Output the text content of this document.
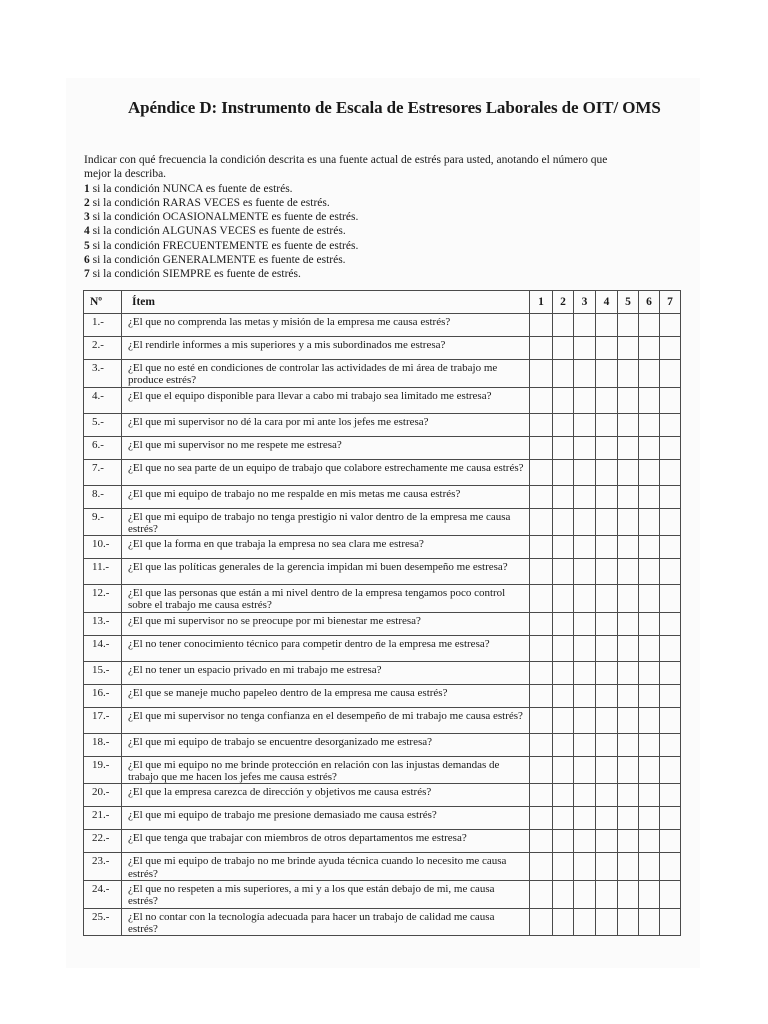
Apéndice D: Instrumento de Escala de Estresores Laborales de OIT/ OMS
Indicar con qué frecuencia la condición descrita es una fuente actual de estrés para usted, anotando el número que
mejor la describa.
1 si la condición NUNCA es fuente de estrés.
2 si la condición RARAS VECES es fuente de estrés.
3 si la condición OCASIONALMENTE es fuente de estrés.
4 si la condición ALGUNAS VECES es fuente de estrés.
5 si la condición FRECUENTEMENTE es fuente de estrés.
6 si la condición GENERALMENTE es fuente de estrés.
7 si la condición SIEMPRE es fuente de estrés.
Nº	Ítem	1	2	3	4	5	6	7
1.-	¿El que no comprenda las metas y misión de la empresa me causa estrés?							
2.-	¿El rendirle informes a mis superiores y a mis subordinados me estresa?							
3.-	¿El que no esté en condiciones de controlar las actividades de mi área de trabajo me produce estrés?							
4.-	¿El que el equipo disponible para llevar a cabo mi trabajo sea limitado me estresa?							
5.-	¿El que mi supervisor no dé la cara por mi ante los jefes me estresa?							
6.-	¿El que mi supervisor no me respete me estresa?							
7.-	¿El que no sea parte de un equipo de trabajo que colabore estrechamente me causa estrés?							
8.-	¿El que mi equipo de trabajo no me respalde en mis metas me causa estrés?							
9.-	¿El que mi equipo de trabajo no tenga prestigio ni valor dentro de la empresa me causa estrés?							
10.-	¿El que la forma en que trabaja la empresa no sea clara me estresa?							
11.-	¿El que las políticas generales de la gerencia impidan mi buen desempeño me estresa?							
12.-	¿El que las personas que están a mi nivel dentro de la empresa tengamos poco control sobre el trabajo me causa estrés?							
13.-	¿El que mi supervisor no se preocupe por mi bienestar me estresa?							
14.-	¿El no tener conocimiento técnico para competir dentro de la empresa me estresa?							
15.-	¿El no tener un espacio privado en mi trabajo me estresa?							
16.-	¿El que se maneje mucho papeleo dentro de la empresa me causa estrés?							
17.-	¿El que mi supervisor no tenga confianza en el desempeño de mi trabajo me causa estrés?							
18.-	¿El que mi equipo de trabajo se encuentre desorganizado me estresa?							
19.-	¿El que mi equipo no me brinde protección en relación con las injustas demandas de trabajo que me hacen los jefes me causa estrés?							
20.-	¿El que la empresa carezca de dirección y objetivos me causa estrés?							
21.-	¿El que mi equipo de trabajo me presione demasiado me causa estrés?							
22.-	¿El que tenga que trabajar con miembros de otros departamentos me estresa?							
23.-	¿El que mi equipo de trabajo no me brinde ayuda técnica cuando lo necesito me causa estrés?							
24.-	¿El que no respeten a mis superiores, a mi y a los que están debajo de mi, me causa estrés?							
25.-	¿El no contar con la tecnología adecuada para hacer un trabajo de calidad me causa estrés?							
